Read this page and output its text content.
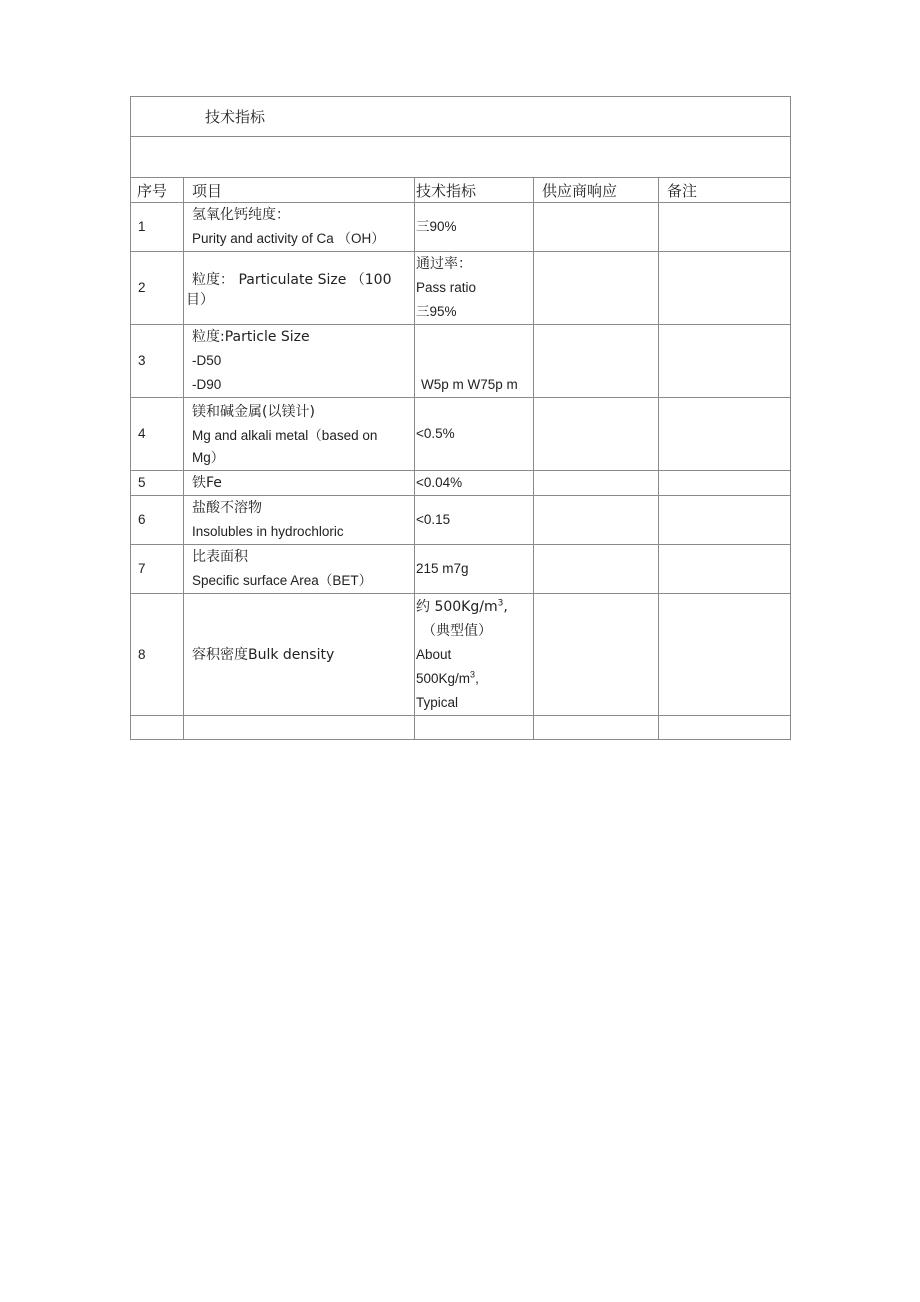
技术指标				

序号	项目	技术指标	供应商响应	备注
1	氢氧化钙纯度：
Purity and activity of Ca （OH）	三90%		

2	粒度： Particulate Size （100
目）	通过率：
Pass ratio
三95%		

3	粒度:Particle Size
-D50
-D90	W5p m W75p m		

4	镁和碱金属(以镁计)
Mg and alkali metal（based on
Mg）	<0.5%		

5	铁Fe	<0.04%		

6	盐酸不溶物
Insolubles in hydrochloric	<0.15		

7	比表面积
Specific surface Area（BET）	215 m7g		

8	容积密度Bulk density	约 $500Kg/m^3$,
（典型值）
About
$500Kg/m^3$,
Typical		
